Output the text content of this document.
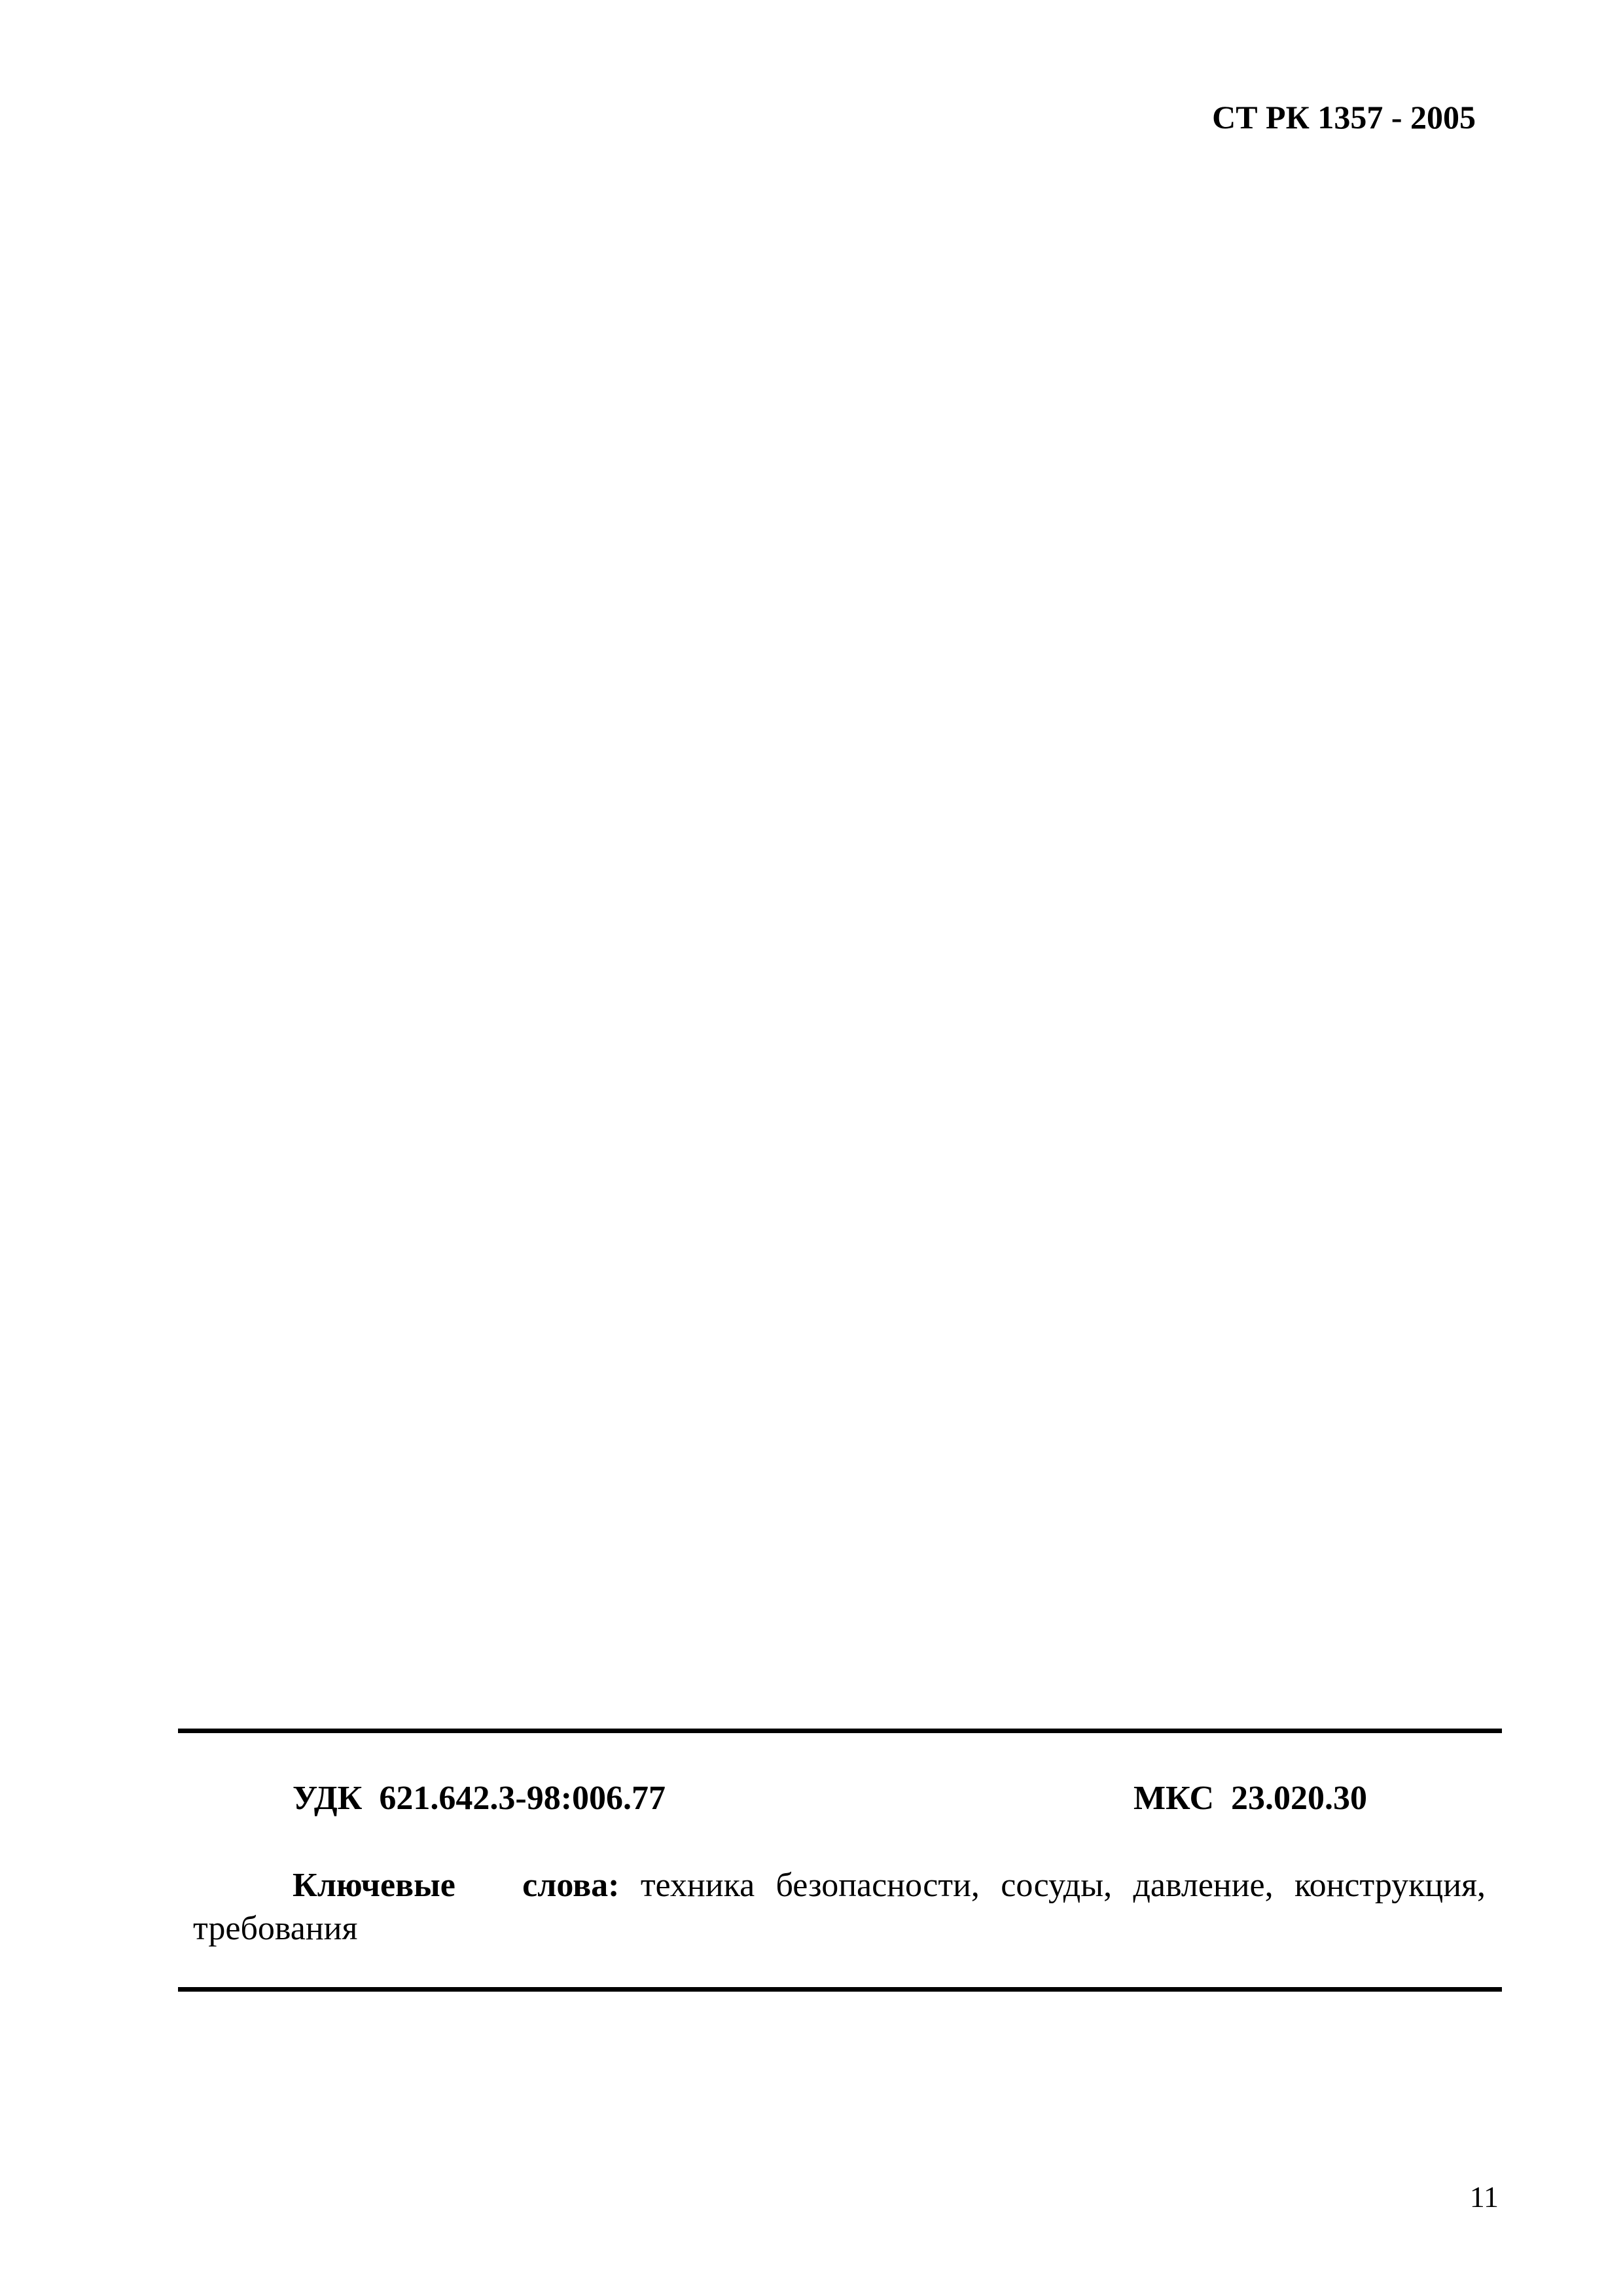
СТ РК 1357 - 2005
УДК  621.642.3-98:006.77	МКС  23.020.30
Ключевые слова: техника безопасности, сосуды, давление, конструкция, требования
11
